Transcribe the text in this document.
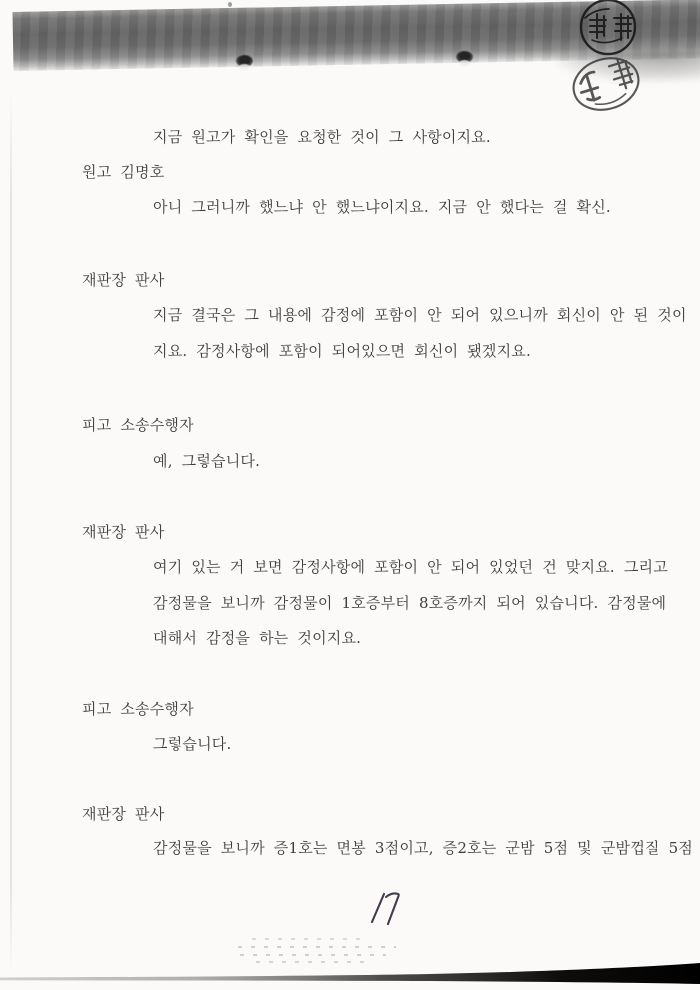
지금 원고가 확인을 요청한 것이 그 사항이지요.
원고 김명호
아니 그러니까 했느냐 안 했느냐이지요. 지금 안 했다는 걸 확신.
재판장 판사
지금 결국은 그 내용에 감정에 포함이 안 되어 있으니까 회신이 안 된 것이
지요. 감정사항에 포함이 되어있으면 회신이 됐겠지요.
피고 소송수행자
예, 그렇습니다.
재판장 판사
여기 있는 거 보면 감정사항에 포함이 안 되어 있었던 건 맞지요. 그리고
감정물을 보니까 감정물이 1호증부터 8호증까지 되어 있습니다. 감정물에
대해서 감정을 하는 것이지요.
피고 소송수행자
그렇습니다.
재판장 판사
감정물을 보니까 증1호는 면봉 3점이고, 증2호는 군밤 5점 및 군밤껍질 5점
